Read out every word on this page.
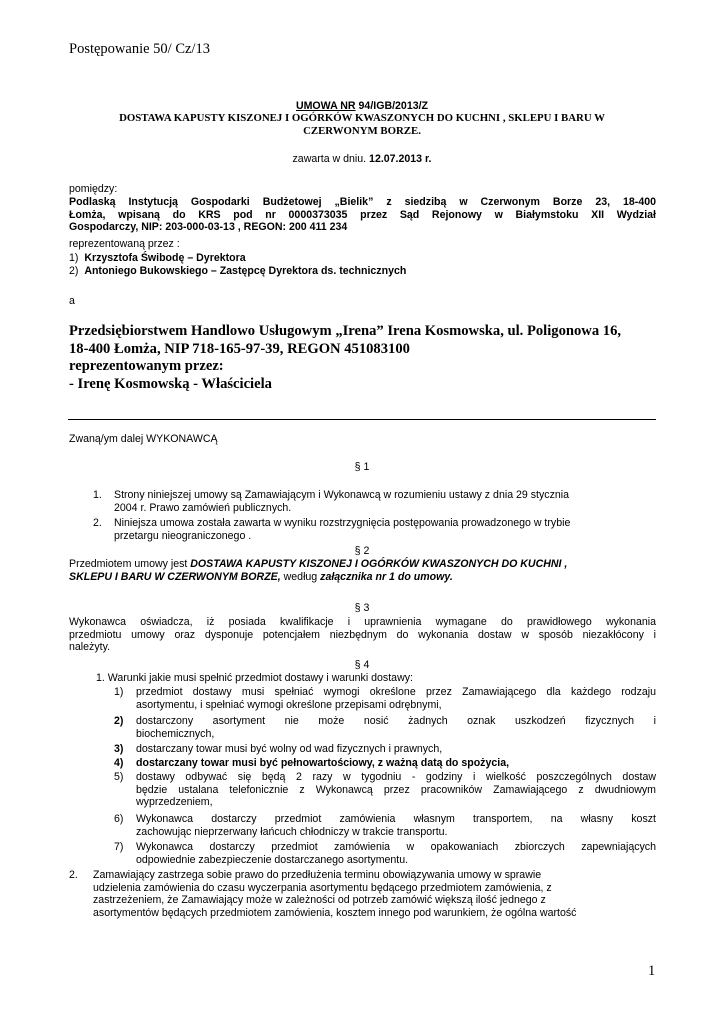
Postępowanie 50/ Cz/13
UMOWA NR 94/IGB/2013/Z
DOSTAWA KAPUSTY KISZONEJ I OGÓRKÓW KWASZONYCH DO KUCHNI , SKLEPU I BARU W
CZERWONYM BORZE.
zawarta w dniu. 12.07.2013 r.
pomiędzy:
Podlaską Instytucją Gospodarki Budżetowej „Bielik” z siedzibą w Czerwonym Borze 23, 18-400
Łomża, wpisaną do KRS pod nr 0000373035 przez Sąd Rejonowy w Białymstoku XII Wydział
Gospodarczy, NIP: 203-000-03-13 , REGON: 200 411 234
reprezentowaną przez :
1) Krzysztofa Świbodę – Dyrektora
2) Antoniego Bukowskiego – Zastępcę Dyrektora ds. technicznych
a
Przedsiębiorstwem Handlowo Usługowym „Irena” Irena Kosmowska, ul. Poligonowa 16,
18-400 Łomża, NIP 718-165-97-39, REGON 451083100
reprezentowanym przez:
- Irenę Kosmowską - Właściciela
Zwaną/ym dalej WYKONAWCĄ
§ 1
1. Strony niniejszej umowy są Zamawiającym i Wykonawcą w rozumieniu ustawy z dnia 29 stycznia
2004 r. Prawo zamówień publicznych.
2. Niniejsza umowa została zawarta w wyniku rozstrzygnięcia postępowania prowadzonego w trybie
przetargu nieograniczonego .
§ 2
Przedmiotem umowy jest DOSTAWA KAPUSTY KISZONEJ I OGÓRKÓW KWASZONYCH DO KUCHNI ,
SKLEPU I BARU W CZERWONYM BORZE, według załącznika nr 1 do umowy.
§ 3
Wykonawca oświadcza, iż posiada kwalifikacje i uprawnienia wymagane do prawidłowego wykonania
przedmiotu umowy oraz dysponuje potencjałem niezbędnym do wykonania dostaw w sposób niezakłócony i
należyty.
§ 4
1. Warunki jakie musi spełnić przedmiot dostawy i warunki dostawy:
1) przedmiot dostawy musi spełniać wymogi określone przez Zamawiającego dla każdego rodzaju
asortymentu, i spełniać wymogi określone przepisami odrębnymi,
2) dostarczony asortyment nie może nosić żadnych oznak uszkodzeń fizycznych i
biochemicznych,
3) dostarczany towar musi być wolny od wad fizycznych i prawnych,
4) dostarczany towar musi być pełnowartościowy, z ważną datą do spożycia,
5) dostawy odbywać się będą 2 razy w tygodniu - godziny i wielkość poszczególnych dostaw
będzie ustalana telefonicznie z Wykonawcą przez pracowników Zamawiającego z dwudniowym
wyprzedzeniem,
6) Wykonawca dostarczy przedmiot zamówienia własnym transportem, na własny koszt
zachowując nieprzerwany łańcuch chłodniczy w trakcie transportu.
7) Wykonawca dostarczy przedmiot zamówienia w opakowaniach zbiorczych zapewniających
odpowiednie zabezpieczenie dostarczanego asortymentu.
2. Zamawiający zastrzega sobie prawo do przedłużenia terminu obowiązywania umowy w sprawie
udzielenia zamówienia do czasu wyczerpania asortymentu będącego przedmiotem zamówienia, z
zastrzeżeniem, że Zamawiający może w zależności od potrzeb zamówić większą ilość jednego z
asortymentów będących przedmiotem zamówienia, kosztem innego pod warunkiem, że ogólna wartość
1
